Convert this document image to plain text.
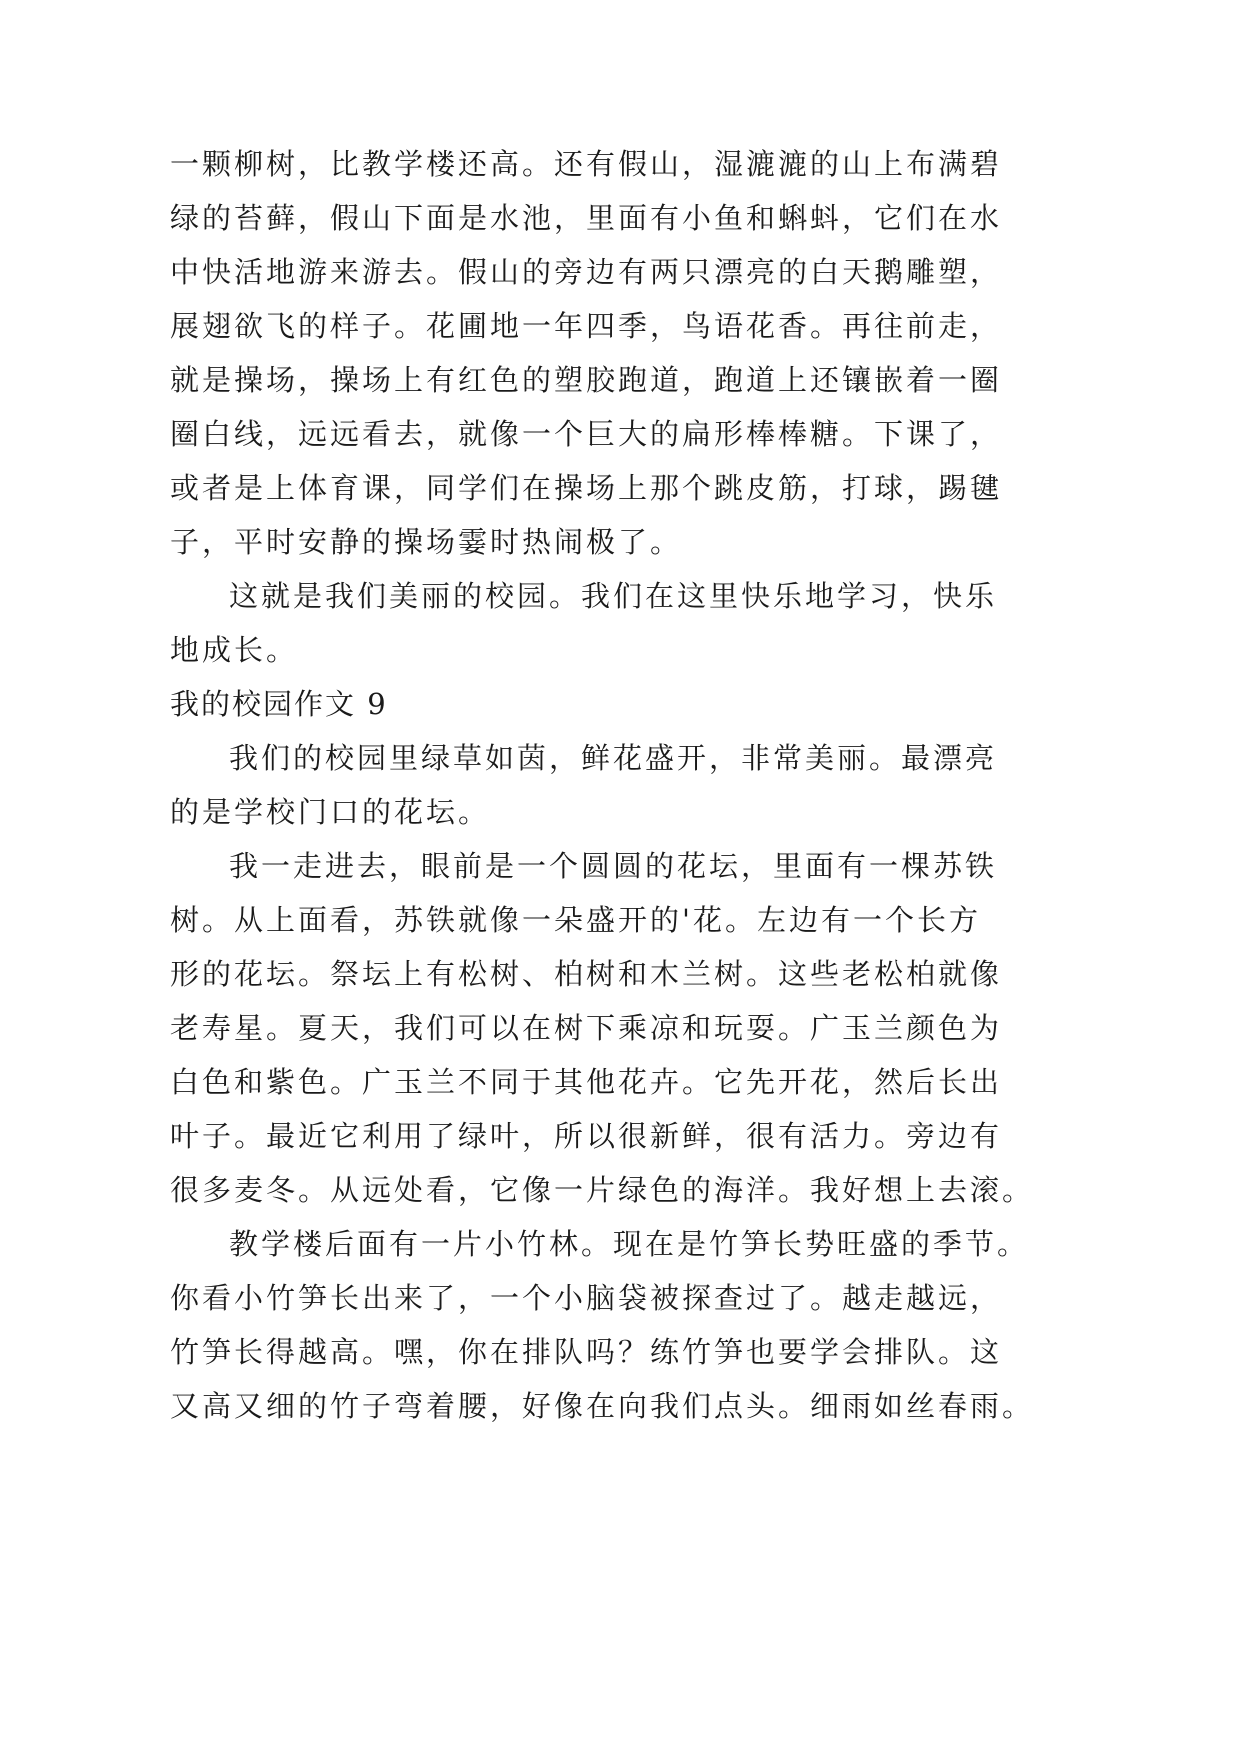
一颗柳树，比教学楼还高。还有假山，湿漉漉的山上布满碧
绿的苔藓，假山下面是水池，里面有小鱼和蝌蚪，它们在水
中快活地游来游去。假山的旁边有两只漂亮的白天鹅雕塑，
展翅欲飞的样子。花圃地一年四季，鸟语花香。再往前走，
就是操场，操场上有红色的塑胶跑道，跑道上还镶嵌着一圈
圈白线，远远看去，就像一个巨大的扁形棒棒糖。下课了，
或者是上体育课，同学们在操场上那个跳皮筋，打球，踢毽
子，平时安静的操场霎时热闹极了。
这就是我们美丽的校园。我们在这里快乐地学习，快乐
地成长。
我的校园作文 9
我们的校园里绿草如茵，鲜花盛开，非常美丽。最漂亮
的是学校门口的花坛。
我一走进去，眼前是一个圆圆的花坛，里面有一棵苏铁
树。从上面看，苏铁就像一朵盛开的'花。左边有一个长方
形的花坛。祭坛上有松树、柏树和木兰树。这些老松柏就像
老寿星。夏天，我们可以在树下乘凉和玩耍。广玉兰颜色为
白色和紫色。广玉兰不同于其他花卉。它先开花，然后长出
叶子。最近它利用了绿叶，所以很新鲜，很有活力。旁边有
很多麦冬。从远处看，它像一片绿色的海洋。我好想上去滚。
教学楼后面有一片小竹林。现在是竹笋长势旺盛的季节。
你看小竹笋长出来了，一个小脑袋被探查过了。越走越远，
竹笋长得越高。嘿，你在排队吗？练竹笋也要学会排队。这
又高又细的竹子弯着腰，好像在向我们点头。细雨如丝春雨。
